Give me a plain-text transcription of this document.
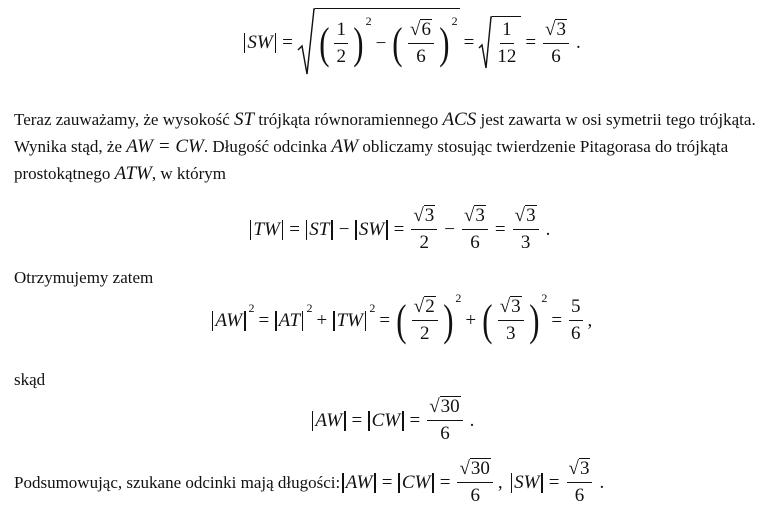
SW = ( $\frac{1}{2}$ ) 2
− ( $\frac{√ 6}{6}$ ) 2
= $\frac{1}{12} = \frac{√ 3}{6}$ .
Teraz zauważamy, że wysokość ST trójkąta równoramiennego ACS jest zawarta w osi symetrii tego trójkąta. Wynika stąd, że AW = CW. Długość odcinka AW obliczamy stosując twierdzenie Pitagorasa do trójkąta prostokątnego ATW, w którym
TW = ST − SW = $\frac{√ 3}{2} - \frac{√ 3}{6} = \frac{√ 3}{3}$ .
Otrzymujemy zatem
AW
2
= AT
2
+ TW
2
= ( $\frac{√ 2}{2}$ ) 2
+ ( $\frac{√ 3}{3}$ ) 2
= $\frac{5}{6}$ ,
skąd
AW = CW = $\frac{√ 30}{6}$ .
Podsumowując, szukane odcinki mają długości: AW = CW = $\frac{√ 30}{6}$ , SW = $\frac{√ 3}{6}$ .
